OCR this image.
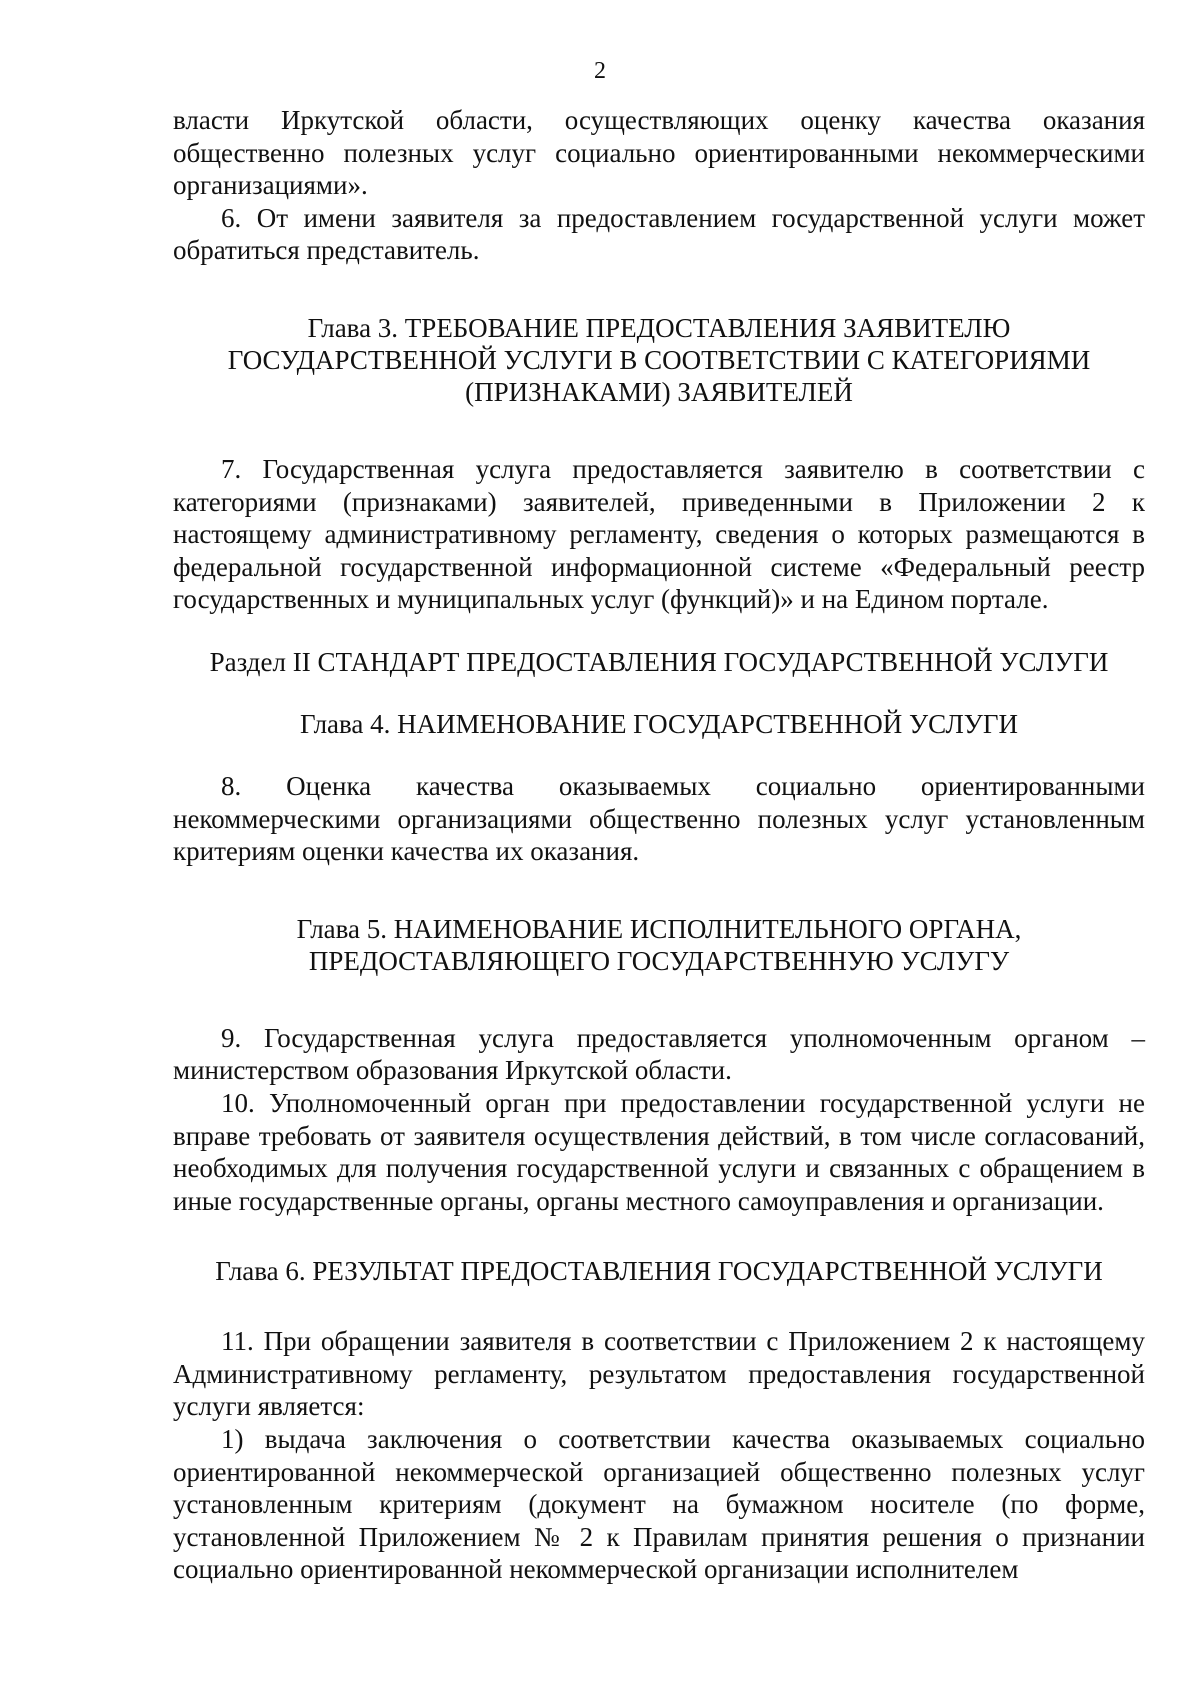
2

власти Иркутской области, осуществляющих оценку качества оказания общественно полезных услуг социально ориентированными некоммерческими организациями».

6. От имени заявителя за предоставлением государственной услуги может обратиться представитель.

Глава 3. ТРЕБОВАНИЕ ПРЕДОСТАВЛЕНИЯ ЗАЯВИТЕЛЮ

ГОСУДАРСТВЕННОЙ УСЛУГИ В СООТВЕТСТВИИ С КАТЕГОРИЯМИ

(ПРИЗНАКАМИ) ЗАЯВИТЕЛЕЙ

7. Государственная услуга предоставляется заявителю в соответствии с категориями (признаками) заявителей, приведенными в Приложении 2 к настоящему административному регламенту, сведения о которых размещаются в федеральной государственной информационной системе «Федеральный реестр государственных и муниципальных услуг (функций)» и на Едином портале.

Раздел II СТАНДАРТ ПРЕДОСТАВЛЕНИЯ ГОСУДАРСТВЕННОЙ УСЛУГИ

Глава 4. НАИМЕНОВАНИЕ ГОСУДАРСТВЕННОЙ УСЛУГИ

8. Оценка качества оказываемых социально ориентированными некоммерческими организациями общественно полезных услуг установленным критериям оценки качества их оказания.

Глава 5. НАИМЕНОВАНИЕ ИСПОЛНИТЕЛЬНОГО ОРГАНА,

ПРЕДОСТАВЛЯЮЩЕГО ГОСУДАРСТВЕННУЮ УСЛУГУ

9. Государственная услуга предоставляется уполномоченным органом – министерством образования Иркутской области.

10. Уполномоченный орган при предоставлении государственной услуги не вправе требовать от заявителя осуществления действий, в том числе согласований, необходимых для получения государственной услуги и связанных с обращением в иные государственные органы, органы местного самоуправления и организации.

Глава 6. РЕЗУЛЬТАТ ПРЕДОСТАВЛЕНИЯ ГОСУДАРСТВЕННОЙ УСЛУГИ

11. При обращении заявителя в соответствии с Приложением 2 к настоящему Административному регламенту, результатом предоставления государственной услуги является:

1) выдача заключения о соответствии качества оказываемых социально ориентированной некоммерческой организацией общественно полезных услуг установленным критериям (документ на бумажном носителе (по форме, установленной Приложением № 2 к Правилам принятия решения о признании социально ориентированной некоммерческой организации исполнителем
